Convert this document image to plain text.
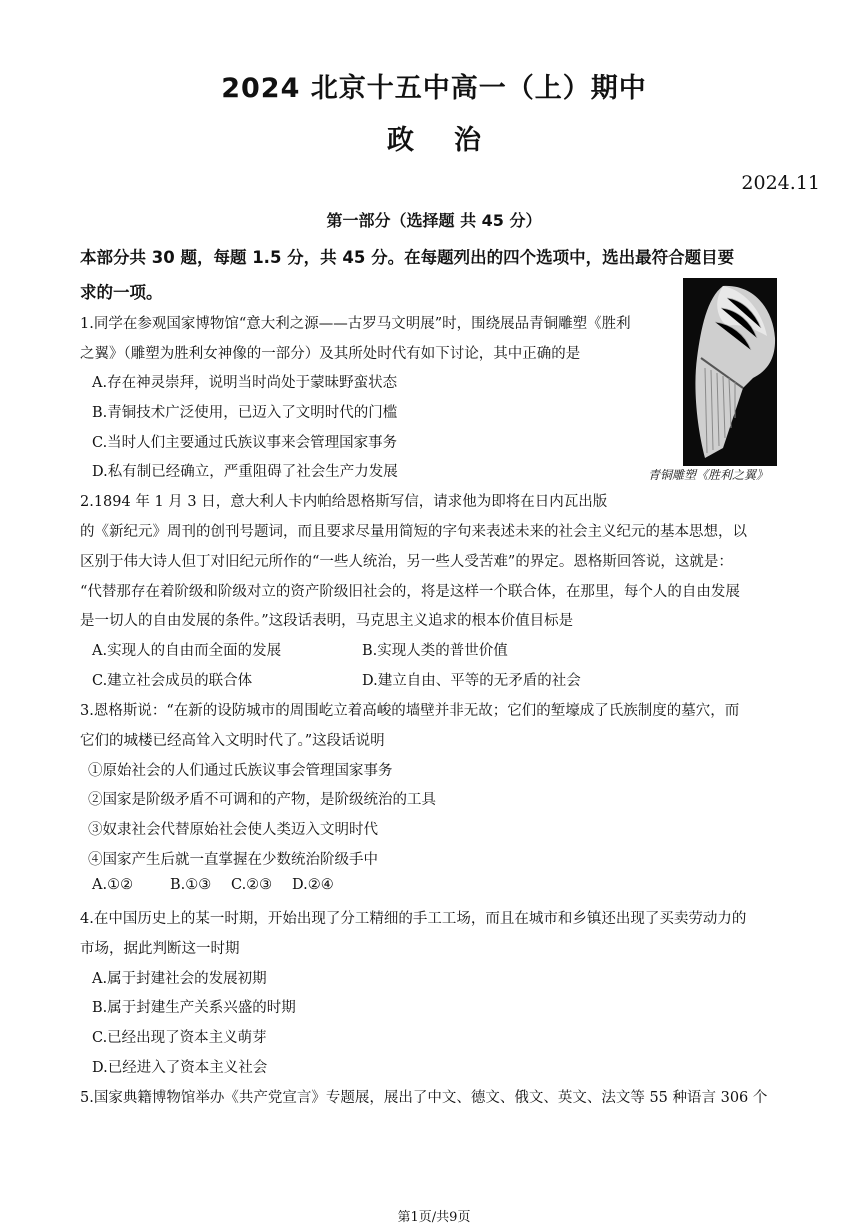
2024 北京十五中高一（上）期中
政治
2024.11
第一部分（选择题 共 45 分）
本部分共 30 题，每题 1.5 分，共 45 分。在每题列出的四个选项中，选出最符合题目要
求的一项。
青铜雕塑《胜利之翼》
1.同学在参观国家博物馆“意大利之源——古罗马文明展”时，围绕展品青铜雕塑《胜利
之翼》（雕塑为胜利女神像的一部分）及其所处时代有如下讨论，其中正确的是
A.存在神灵崇拜，说明当时尚处于蒙昧野蛮状态
B.青铜技术广泛使用，已迈入了文明时代的门槛
C.当时人们主要通过氏族议事来会管理国家事务
D.私有制已经确立，严重阻碍了社会生产力发展
2.1894 年 1 月 3 日，意大利人卡内帕给恩格斯写信，请求他为即将在日内瓦出版
的《新纪元》周刊的创刊号题词，而且要求尽量用简短的字句来表述未来的社会主义纪元的基本思想，以
区别于伟大诗人但丁对旧纪元所作的“一些人统治，另一些人受苦难”的界定。恩格斯回答说，这就是：
“代替那存在着阶级和阶级对立的资产阶级旧社会的，将是这样一个联合体，在那里，每个人的自由发展
是一切人的自由发展的条件。”这段话表明，马克思主义追求的根本价值目标是
A.实现人的自由而全面的发展	B.实现人类的普世价值
C.建立社会成员的联合体	D.建立自由、平等的无矛盾的社会
3.恩格斯说：“在新的设防城市的周围屹立着高峻的墙壁并非无故；它们的堑壕成了氏族制度的墓穴，而
它们的城楼已经高耸入文明时代了。”这段话说明
①原始社会的人们通过氏族议事会管理国家事务
②国家是阶级矛盾不可调和的产物，是阶级统治的工具
③奴隶社会代替原始社会使人类迈入文明时代
④国家产生后就一直掌握在少数统治阶级手中
A.①②	B.①③ C.②③ D.②④
4.在中国历史上的某一时期，开始出现了分工精细的手工工场，而且在城市和乡镇还出现了买卖劳动力的
市场，据此判断这一时期
A.属于封建社会的发展初期
B.属于封建生产关系兴盛的时期
C.已经出现了资本主义萌芽
D.已经进入了资本主义社会
5.国家典籍博物馆举办《共产党宣言》专题展，展出了中文、德文、俄文、英文、法文等 55 种语言 306 个
第1页/共9页
